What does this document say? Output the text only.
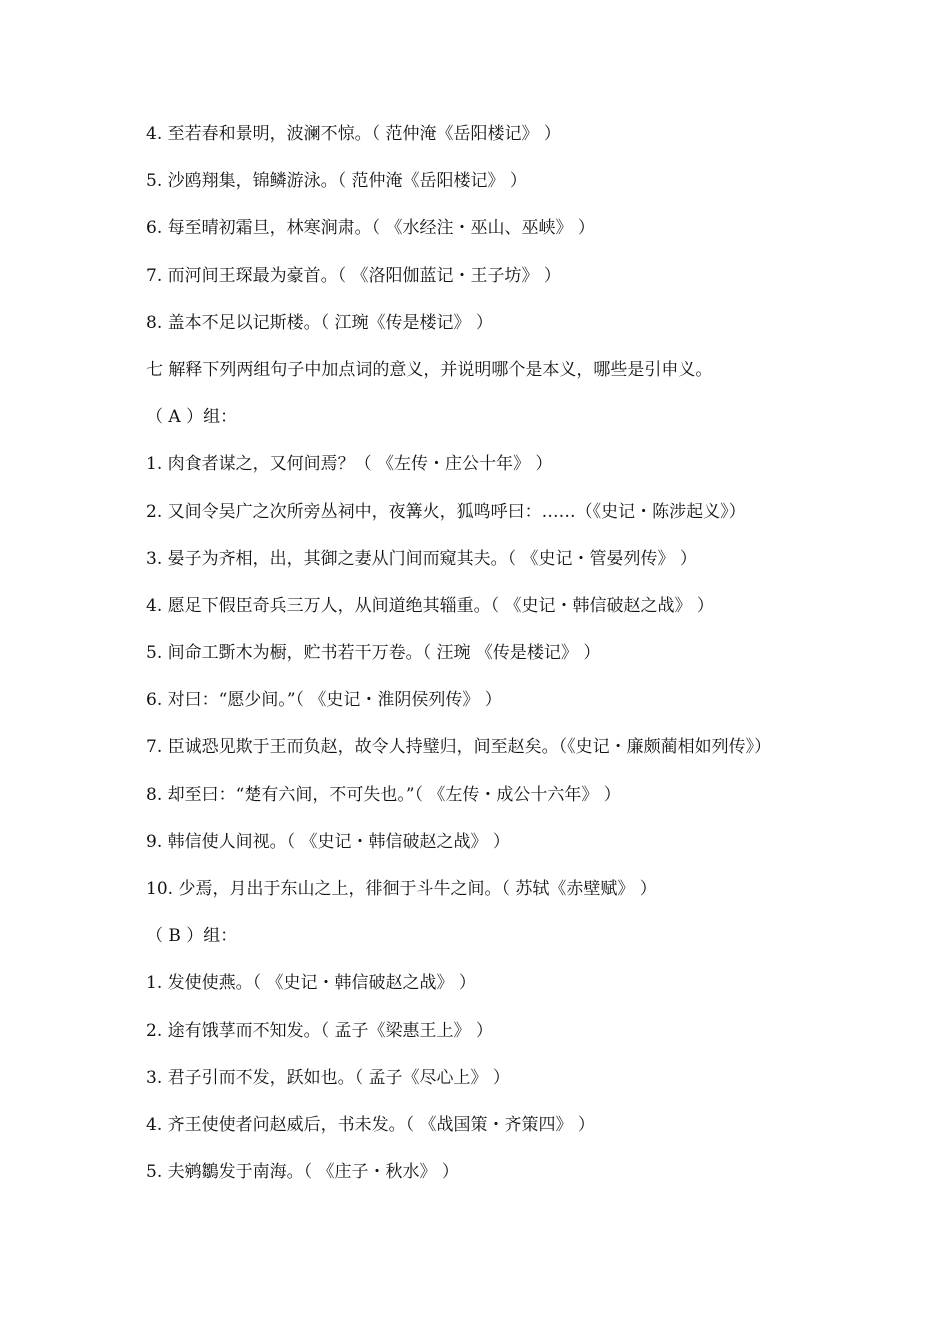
4. 至若春和景明，波澜不惊。（ 范仲淹《岳阳楼记》 ）
5. 沙鸥翔集，锦鳞游泳。（ 范仲淹《岳阳楼记》 ）
6. 每至晴初霜旦，林寒涧肃。（ 《水经注・巫山、巫峡》 ）
7. 而河间王琛最为豪首。（ 《洛阳伽蓝记・王子坊》 ）
8. 盖本不足以记斯楼。（ 江琬《传是楼记》 ）
七 解释下列两组句子中加点词的意义，并说明哪个是本义，哪些是引申义。
（ A ）组：
1. 肉食者谋之，又何间焉？（ 《左传・庄公十年》 ）
2. 又间令吴广之次所旁丛祠中，夜篝火，狐鸣呼曰：……（《史记・陈涉起义》）
3. 晏子为齐相，出，其御之妻从门间而窥其夫。（ 《史记・管晏列传》 ）
4. 愿足下假臣奇兵三万人，从间道绝其辎重。（ 《史记・韩信破赵之战》 ）
5. 间命工斲木为橱，贮书若干万卷。（ 汪琬 《传是楼记》 ）
6. 对曰：“愿少间。”（ 《史记・淮阴侯列传》 ）
7. 臣诚恐见欺于王而负赵，故令人持璧归，间至赵矣。（《史记・廉颇蔺相如列传》）
8. 却至曰：“楚有六间，不可失也。”（ 《左传・成公十六年》 ）
9. 韩信使人间视。（ 《史记・韩信破赵之战》 ）
10. 少焉，月出于东山之上，徘徊于斗牛之间。（ 苏轼《赤壁赋》 ）
（ B ）组：
1. 发使使燕。（ 《史记・韩信破赵之战》 ）
2. 途有饿莩而不知发。（ 孟子《梁惠王上》 ）
3. 君子引而不发，跃如也。（ 孟子《尽心上》 ）
4. 齐王使使者问赵威后，书未发。（ 《战国策・齐策四》 ）
5. 夫鹓鶵发于南海。（ 《庄子・秋水》 ）
